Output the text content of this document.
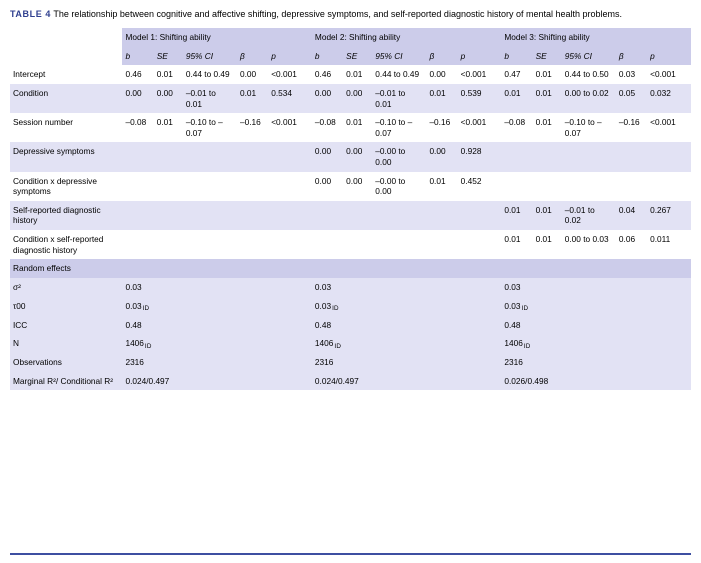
TABLE 4 The relationship between cognitive and affective shifting, depressive symptoms, and self-reported diagnostic history of mental health problems.

	Model 1: Shifting ability					Model 2: Shifting ability					Model 3: Shifting ability				
	b	SE	95% CI	β	p	b	SE	95% CI	β	p	b	SE	95% CI	β	p
Intercept	0.46	0.01	0.44 to 0.49	0.00	<0.001	0.46	0.01	0.44 to 0.49	0.00	<0.001	0.47	0.01	0.44 to 0.50	0.03	<0.001
Condition	0.00	0.00	–0.01 to 0.01	0.01	0.534	0.00	0.00	–0.01 to 0.01	0.01	0.539	0.01	0.01	0.00 to 0.02	0.05	0.032
Session number	–0.08	0.01	–0.10 to –0.07	–0.16	<0.001	–0.08	0.01	–0.10 to –0.07	–0.16	<0.001	–0.08	0.01	–0.10 to –0.07	–0.16	<0.001
Depressive symptoms						0.00	0.00	–0.00 to 0.00	0.00	0.928					
Condition x depressive symptoms						0.00	0.00	–0.00 to 0.00	0.01	0.452					
Self-reported diagnostic history											0.01	0.01	–0.01 to 0.02	0.04	0.267
Condition x self-reported diagnostic history											0.01	0.01	0.00 to 0.03	0.06	0.011
Random effects															
σ²	0.03					0.03					0.03				
τ00	0.03ID					0.03ID					0.03ID				
ICC	0.48					0.48					0.48				
N	1406ID					1406ID					1406ID				
Observations	2316					2316					2316				
Marginal R²/ Conditional R²	0.024/0.497					0.024/0.497					0.026/0.498				
